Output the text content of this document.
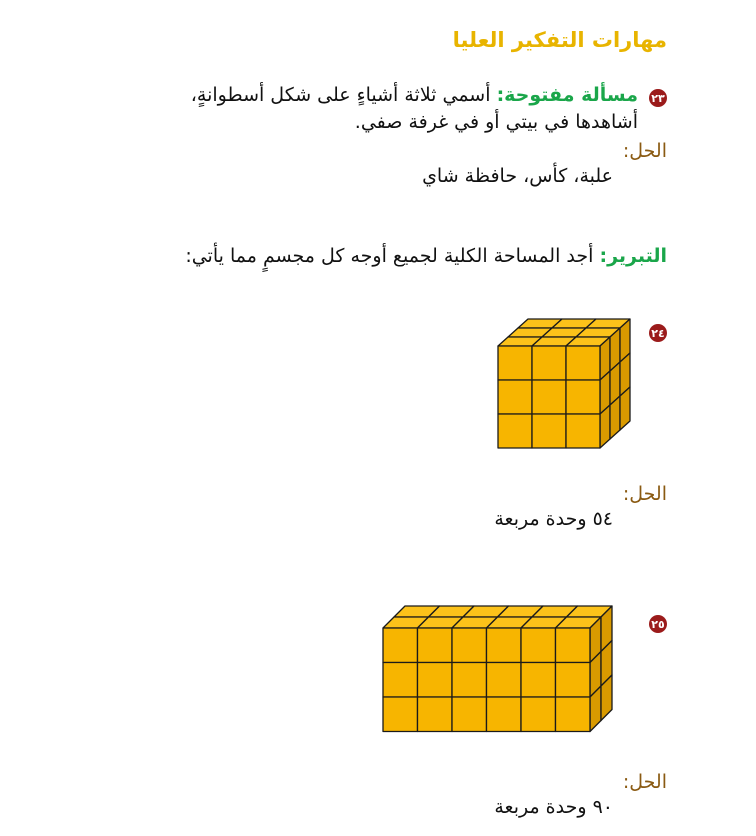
مهارات التفكير العليا
٢٣
مسألة مفتوحة: أسمي ثلاثة أشياءٍ على شكل أسطوانةٍ،
أشاهدها في بيتي أو في غرفة صفي.
الحل:
علبة، كأس، حافظة شاي
التبرير: أجد المساحة الكلية لجميع أوجه كل مجسمٍ مما يأتي:
٢٤
الحل:
٥٤ وحدة مربعة
٢٥
الحل:
٩٠ وحدة مربعة
